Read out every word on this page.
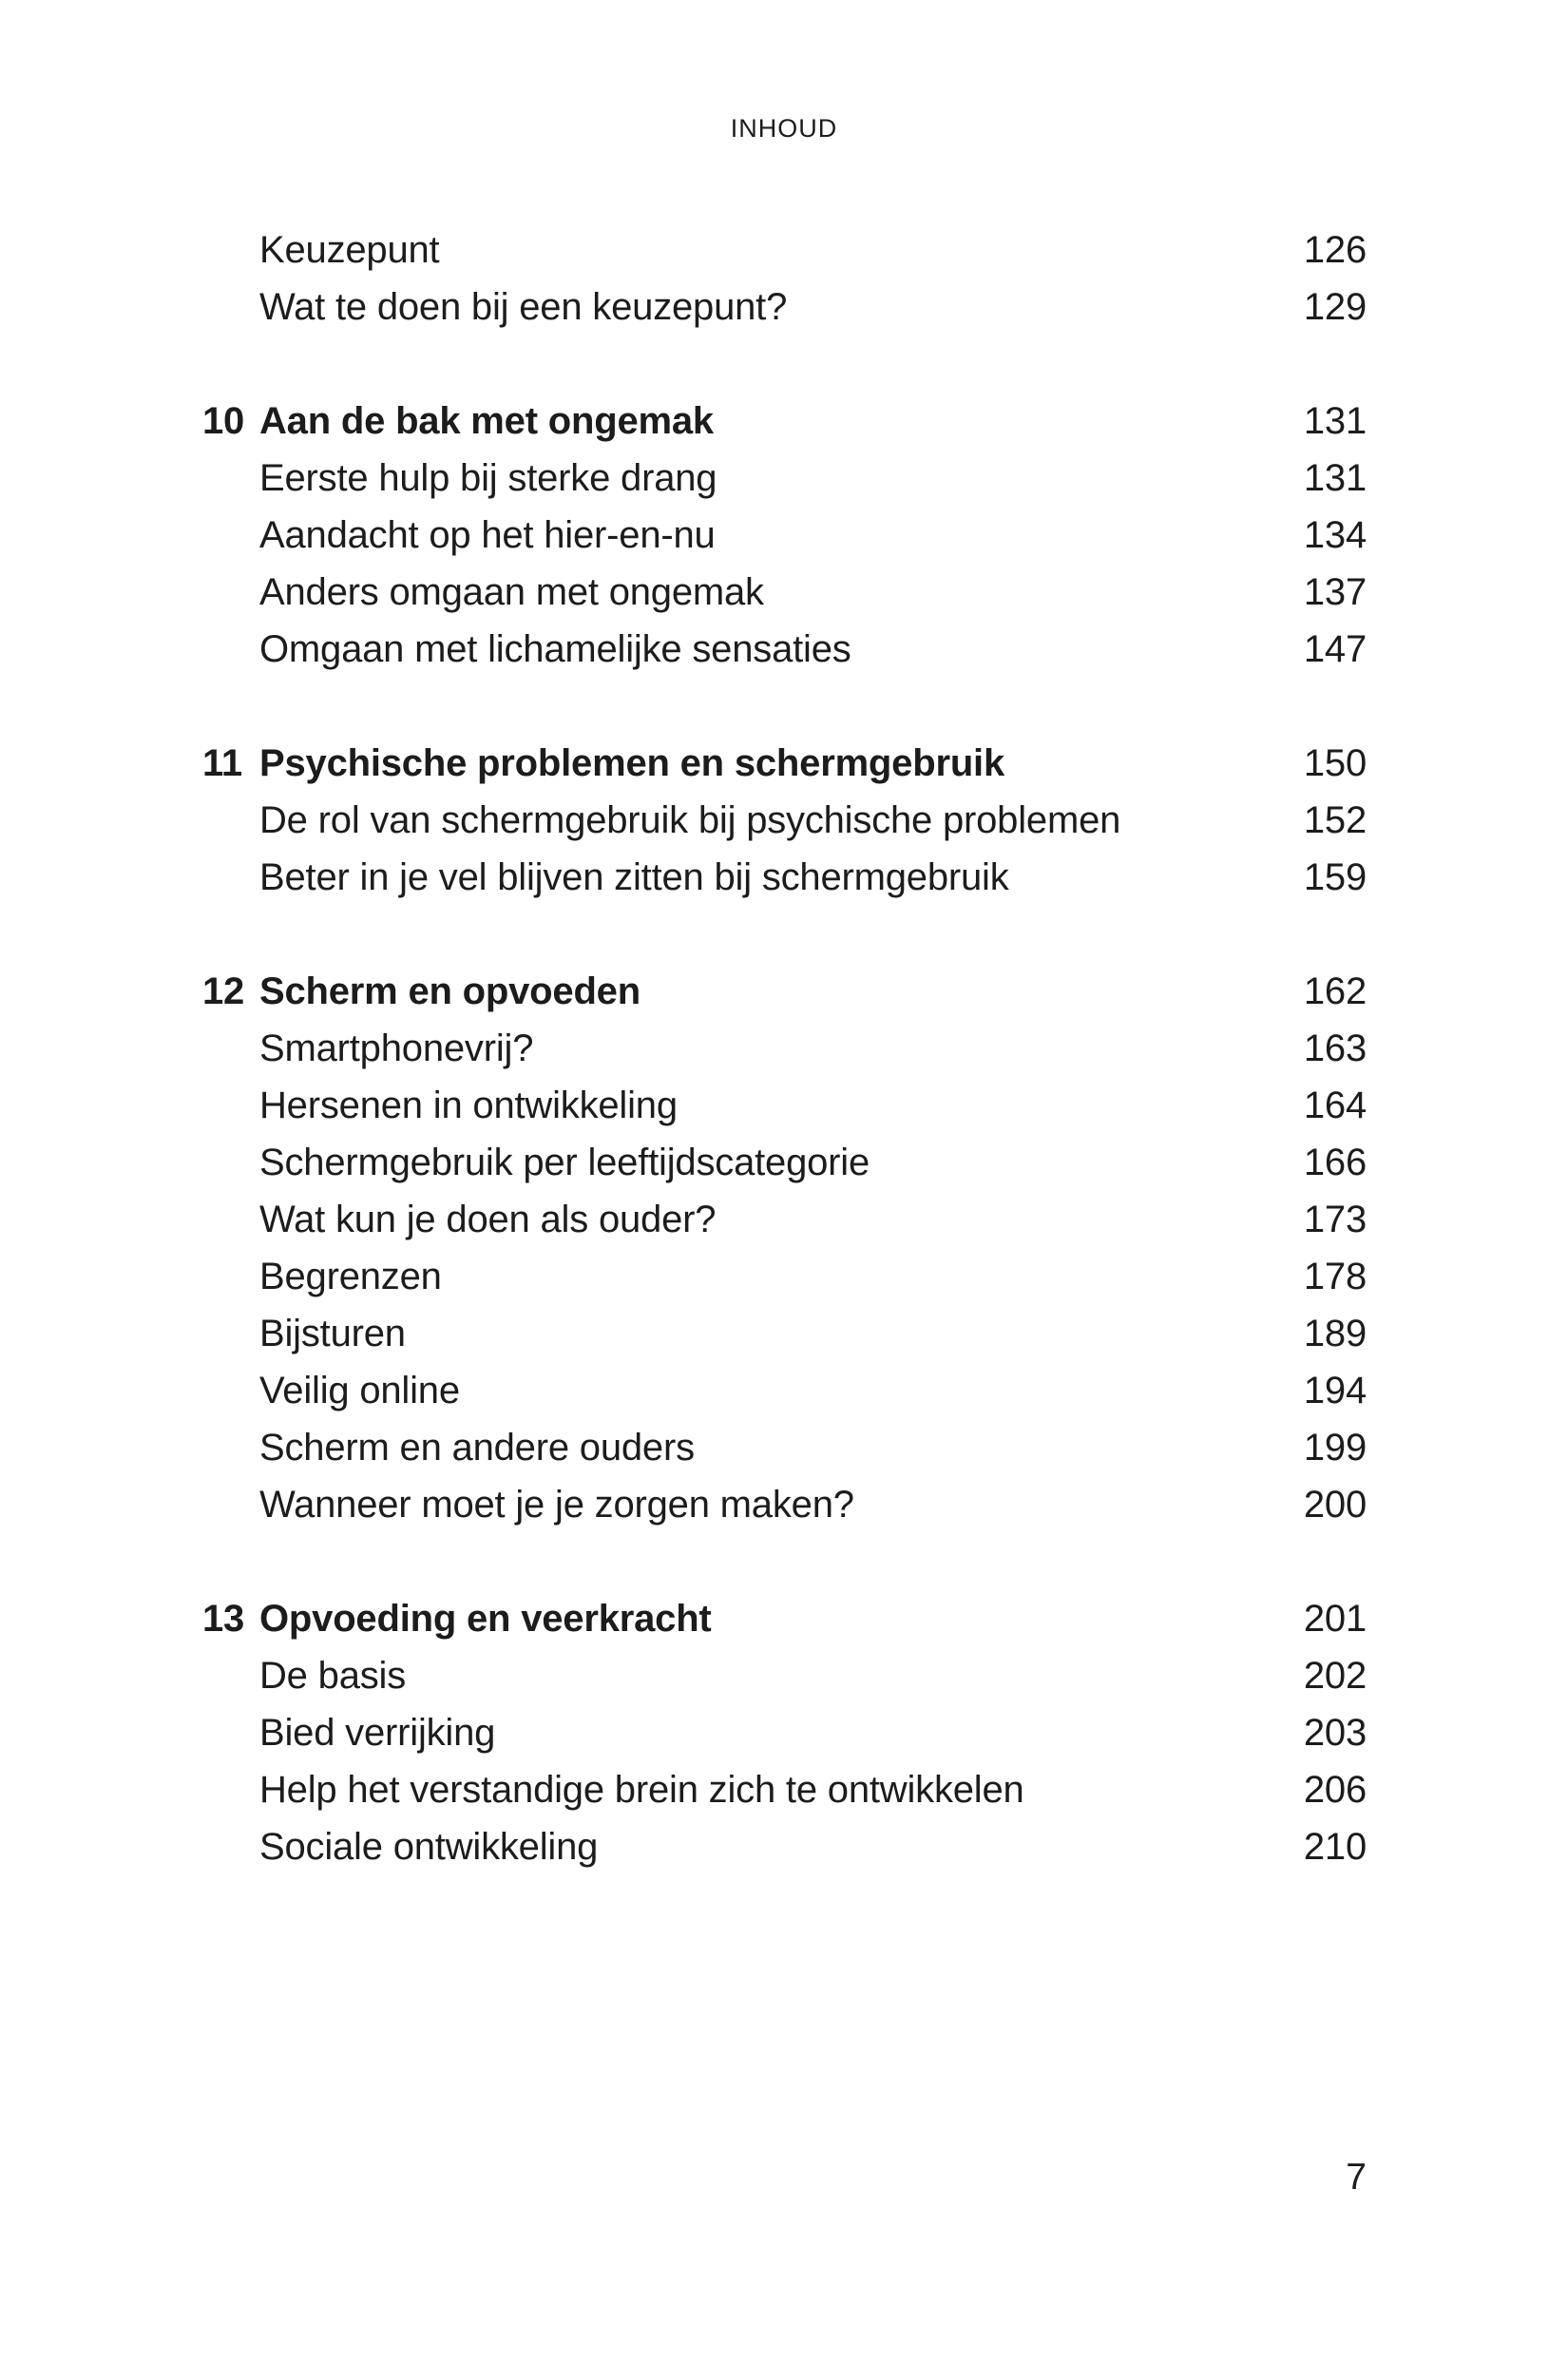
INHOUD
Keuzepunt	126
Wat te doen bij een keuzepunt?	129
10 Aan de bak met ongemak	131
Eerste hulp bij sterke drang	131
Aandacht op het hier-en-nu	134
Anders omgaan met ongemak	137
Omgaan met lichamelijke sensaties	147
11 Psychische problemen en schermgebruik	150
De rol van schermgebruik bij psychische problemen	152
Beter in je vel blijven zitten bij schermgebruik	159
12 Scherm en opvoeden	162
Smartphonevrij?	163
Hersenen in ontwikkeling	164
Schermgebruik per leeftijdscategorie	166
Wat kun je doen als ouder?	173
Begrenzen	178
Bijsturen	189
Veilig online	194
Scherm en andere ouders	199
Wanneer moet je je zorgen maken?	200
13 Opvoeding en veerkracht	201
De basis	202
Bied verrijking	203
Help het verstandige brein zich te ontwikkelen	206
Sociale ontwikkeling	210
7
